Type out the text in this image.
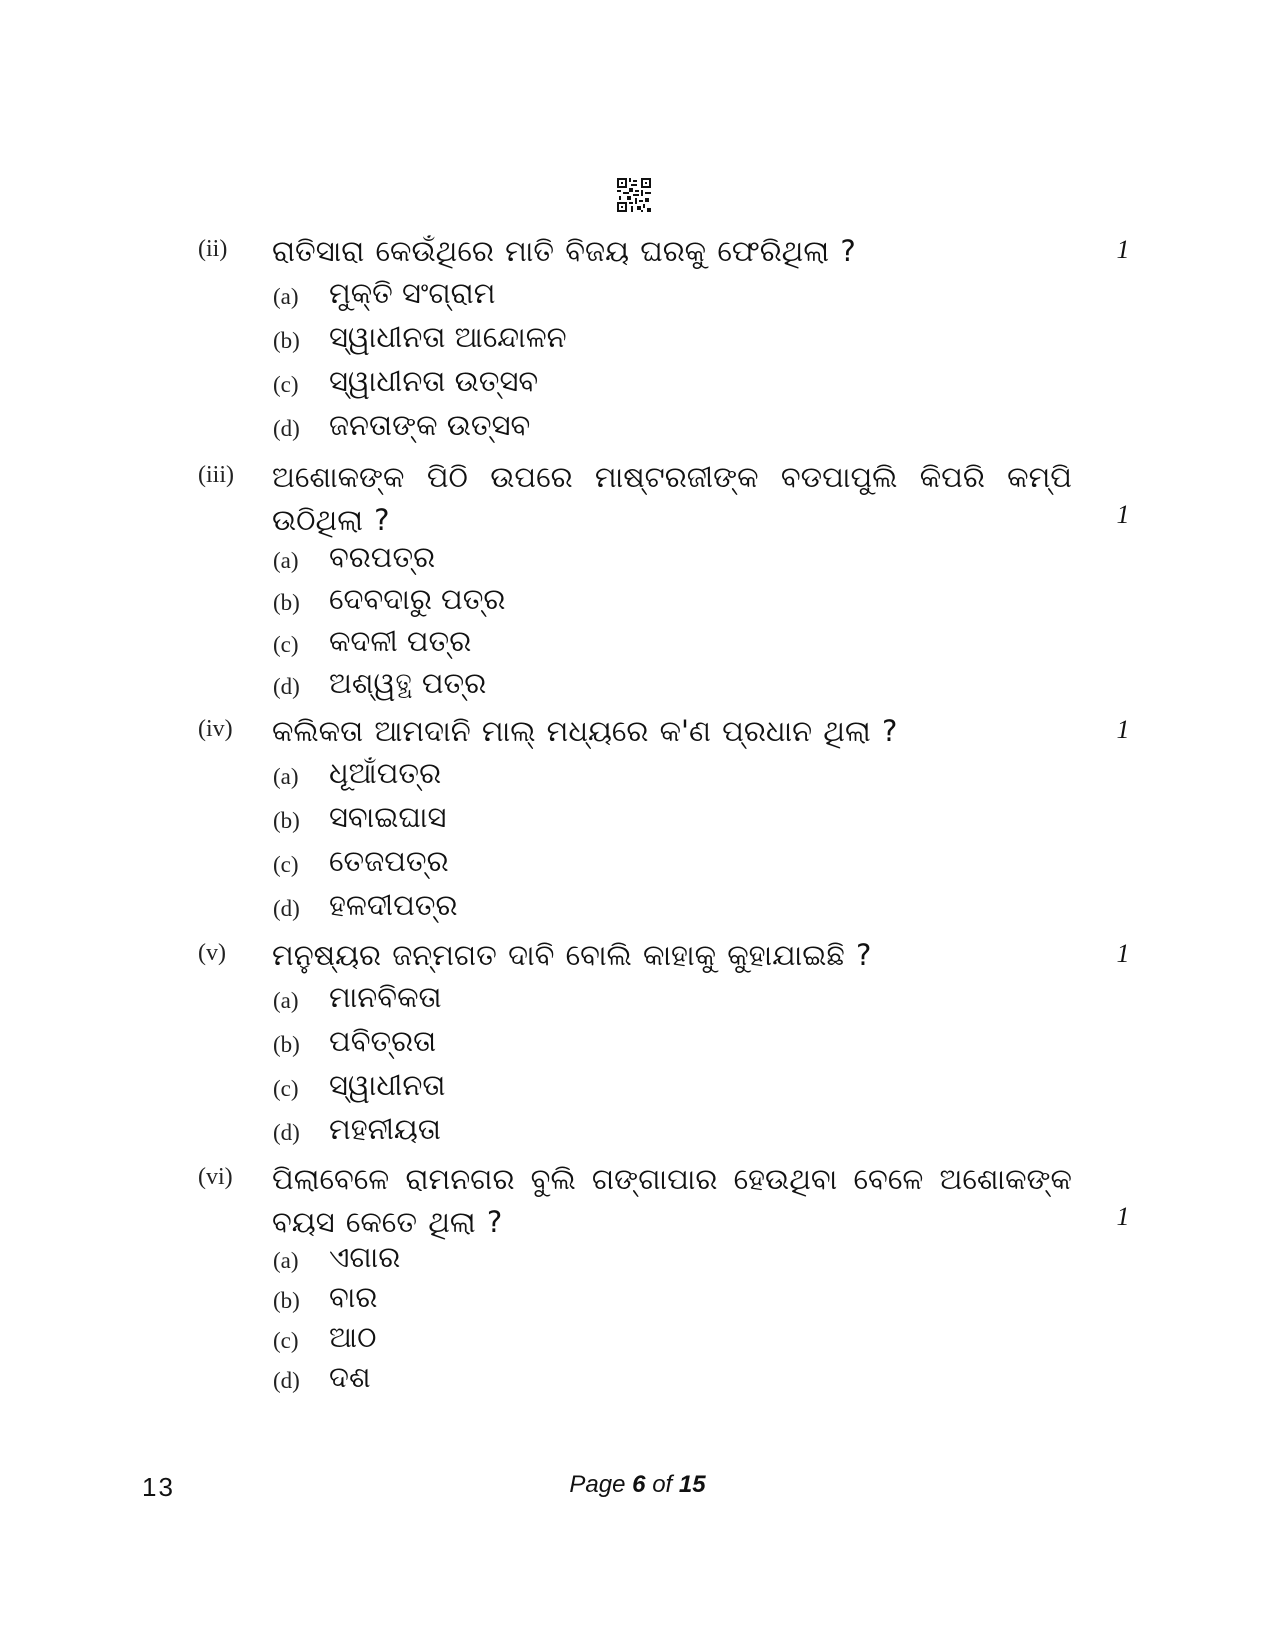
(ii) ରାତିସାରା କେଉଁଥିରେ ମାତି ବିଜୟ ଘରକୁ ଫେରିଥିଲା ?	1
(a) ମୁକ୍ତି ସଂଗ୍ରାମ
(b) ସ୍ୱାଧୀନତା ଆନ୍ଦୋଳନ
(c) ସ୍ୱାଧୀନତା ଉତ୍ସବ
(d) ଜନତାଙ୍କ ଉତ୍ସବ
(iii) ଅଶୋକଙ୍କ ପିଠି ଉପରେ ମାଷ୍ଟରଜୀଙ୍କ ବଡପାପୁଲି କିପରି କମ୍ପି ଉଠିଥିଲା ?	1
(a) ବରପତ୍ର
(b) ଦେବଦାରୁ ପତ୍ର
(c) କଦଳୀ ପତ୍ର
(d) ଅଶ୍ୱତ୍ଥ ପତ୍ର
(iv) କଲିକତା ଆମଦାନି ମାଲ୍ ମଧ୍ୟରେ କ'ଣ ପ୍ରଧାନ ଥିଲା ?	1
(a) ଧୂଆଁପତ୍ର
(b) ସବାଇଘାସ
(c) ତେଜପତ୍ର
(d) ହଳଦୀପତ୍ର
(v) ମନୁଷ୍ୟର ଜନ୍ମଗତ ଦାବି ବୋଲି କାହାକୁ କୁହାଯାଇଛି ?	1
(a) ମାନବିକତା
(b) ପବିତ୍ରତା
(c) ସ୍ୱାଧୀନତା
(d) ମହନୀୟତା
(vi) ପିଲାବେଳେ ରାମନଗର ବୁଲି ଗଙ୍ଗାପାର ହେଉଥିବା ବେଳେ ଅଶୋକଙ୍କ ବୟସ କେତେ ଥିଲା ?	1
(a) ଏଗାର
(b) ବାର
(c) ଆଠ
(d) ଦଶ
13	Page 6 of 15
